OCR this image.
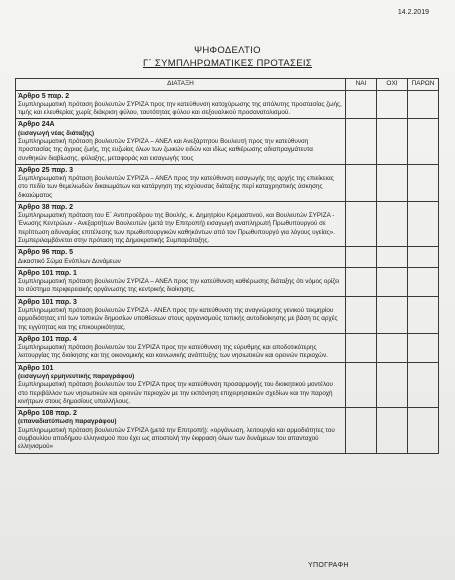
14.2.2019
ΨΗΦΟΔΕΛΤΙΟ
Γ΄ ΣΥΜΠΛΗΡΩΜΑΤΙΚΕΣ ΠΡΟΤΑΣΕΙΣ
ΔΙΑΤΑΞΗ	ΝΑΙ	ΟΧΙ	ΠΑΡΩΝ

Άρθρο 5 παρ. 2
Συμπληρωματική πρόταση βουλευτών ΣΥΡΙΖΑ προς την κατεύθυνση κατοχύρωσης της απόλυτης προστασίας ζωής, τιμής και ελευθερίας χωρίς διάκριση φύλου, ταυτότητας φύλου και σεξουαλικού προσανατολισμού.			

Άρθρο 24Α
(εισαγωγή νέας διάταξης)
Συμπληρωματική πρόταση βουλευτών ΣΥΡΙΖΑ – ΑΝΕΛ και Ανεξάρτητου Βουλευτή προς την κατεύθυνση προστασίας της άγριας ζωής, της ευζωίας όλων των ζωικών ειδών και ιδίως καθιέρωσης αδιαπραγμάτευτα συνθηκών διαβίωσης, φύλαξης, μεταφοράς και εισαγωγής τους			

Άρθρο 25 παρ. 3
Συμπληρωματική πρόταση βουλευτών ΣΥΡΙΖΑ – ΑΝΕΛ προς την κατεύθυνση εισαγωγής της αρχής της επιείκειας στο πεδίο των θεμελιωδών δικαιωμάτων και κατάργηση της ισχύουσας διάταξης περί καταχρηστικής άσκησης δικαιώματος			

Άρθρο 38 παρ. 2
Συμπληρωματική πρόταση του Ε΄ Αντιπροέδρου της Βουλής, κ. Δημητρίου Κρεμαστινού, και Βουλευτών ΣΥΡΙΖΑ - Ένωσης Κεντρώων - Ανεξαρτήτων Βουλευτών (μετά την Επιτροπή) εισαγωγή αναπληρωτή Πρωθυπουργού σε περίπτωση αδυναμίας επιτέλεσης των πρωθυπουργικών καθηκόντων από τον Πρωθυπουργό για λόγους υγείας». Συμπεριλαμβάνεται στην πρόταση της Δημοκρατικής Συμπαράταξης.			

Άρθρο 96 παρ. 5
Δικαστικό Σώμα Ενόπλων Δυνάμεων			

Άρθρο 101 παρ. 1
Συμπληρωματική πρόταση βουλευτών ΣΥΡΙΖΑ – ΑΝΕΛ προς την κατεύθυνση καθιέρωσης διάταξης ότι νόμος ορίζει το σύστημα περιφερειακής οργάνωσης της κεντρικής διοίκησης.			

Άρθρο 101 παρ. 3
Συμπληρωματική πρόταση βουλευτών ΣΥΡΙΖΑ - ΑΝΕΛ προς την κατεύθυνση της αναγνώρισης γενικού τεκμηρίου αρμοδιότητας επί των τοπικών δημοσίων υποθέσεων στους οργανισμούς τοπικής αυτοδιοίκησης με βάση τις αρχές της εγγύτητας και της επικουρικότητας.			

Άρθρο 101 παρ. 4
Συμπληρωματική πρόταση βουλευτών του ΣΥΡΙΖΑ προς την κατεύθυνση της εύρυθμης και αποδοτικότερης λειτουργίας της διοίκησης και της οικονομικής και κοινωνικής ανάπτυξης των νησιωτικών και ορεινών περιοχών.			

Άρθρο 101
(εισαγωγή ερμηνευτικής παραγράφου)
Συμπληρωματική πρόταση βουλευτών του ΣΥΡΙΖΑ προς την κατεύθυνση προσαρμογής του διοικητικού μοντέλου στο περιβάλλον των νησιωτικών και ορεινών περιοχών με την εκπόνηση επιχειρησιακών σχεδίων και την παροχή κινήτρων στους δημοσίους υπαλλήλους.			

Άρθρο 108 παρ. 2
(επαναδιατύπωση παραγράφου)
Συμπληρωματική πρόταση βουλευτών ΣΥΡΙΖΑ (μετά την Επιτροπή): «οργάνωση, λειτουργία και αρμοδιότητες του συμβουλίου αποδήμου ελληνισμού που έχει ως αποστολή την έκφραση όλων των δυνάμεων του απανταχού ελληνισμού»			

ΥΠΟΓΡΑΦΗ
